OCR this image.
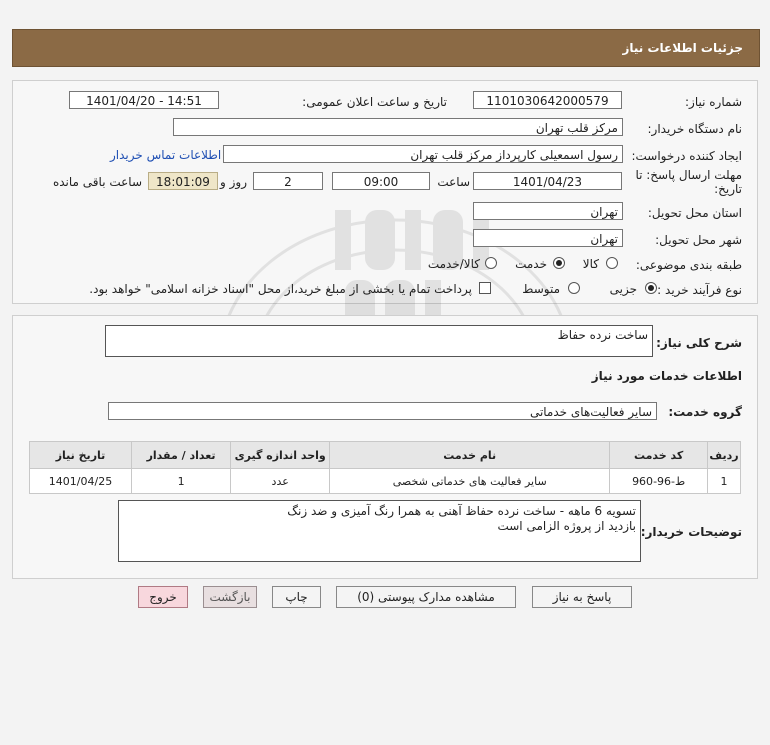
جزئیات اطلاعات نیاز
شماره نیاز:
1101030642000579
تاریخ و ساعت اعلان عمومی:
1401/04/20 - 14:51
نام دستگاه خریدار:
مرکز قلب تهران
ایجاد کننده درخواست:
رسول اسمعیلی کارپرداز مرکز قلب تهران
اطلاعات تماس خریدار
مهلت ارسال پاسخ: تا
تاریخ:
1401/04/23
ساعت
09:00
2
روز و
18:01:09
ساعت باقی مانده
استان محل تحویل:
تهران
شهر محل تحویل:
تهران
طبقه بندی موضوعی:
کالا
خدمت
کالا/خدمت
نوع فرآیند خرید :
جزیی
متوسط
پرداخت تمام یا بخشی از مبلغ خرید،از محل "اسناد خزانه اسلامی" خواهد بود.
شرح کلی نیاز:
ساخت نرده حفاظ
اطلاعات خدمات مورد نیاز
گروه خدمت:
سایر فعالیت‌های خدماتی
ردیف	کد خدمت	نام خدمت	واحد اندازه گیری	تعداد / مقدار	تاریخ نیاز
1	ط-96-960	سایر فعالیت های خدماتی شخصی	عدد	1	1401/04/25
توضیحات خریدار:
تسویه 6 ماهه - ساخت نرده حفاظ آهنی به همرا رنگ آمیزی و ضد زنگ
بازدید از پروژه الزامی است
پاسخ به نیاز
مشاهده مدارک پیوستی (0)
چاپ
بازگشت
خروج
